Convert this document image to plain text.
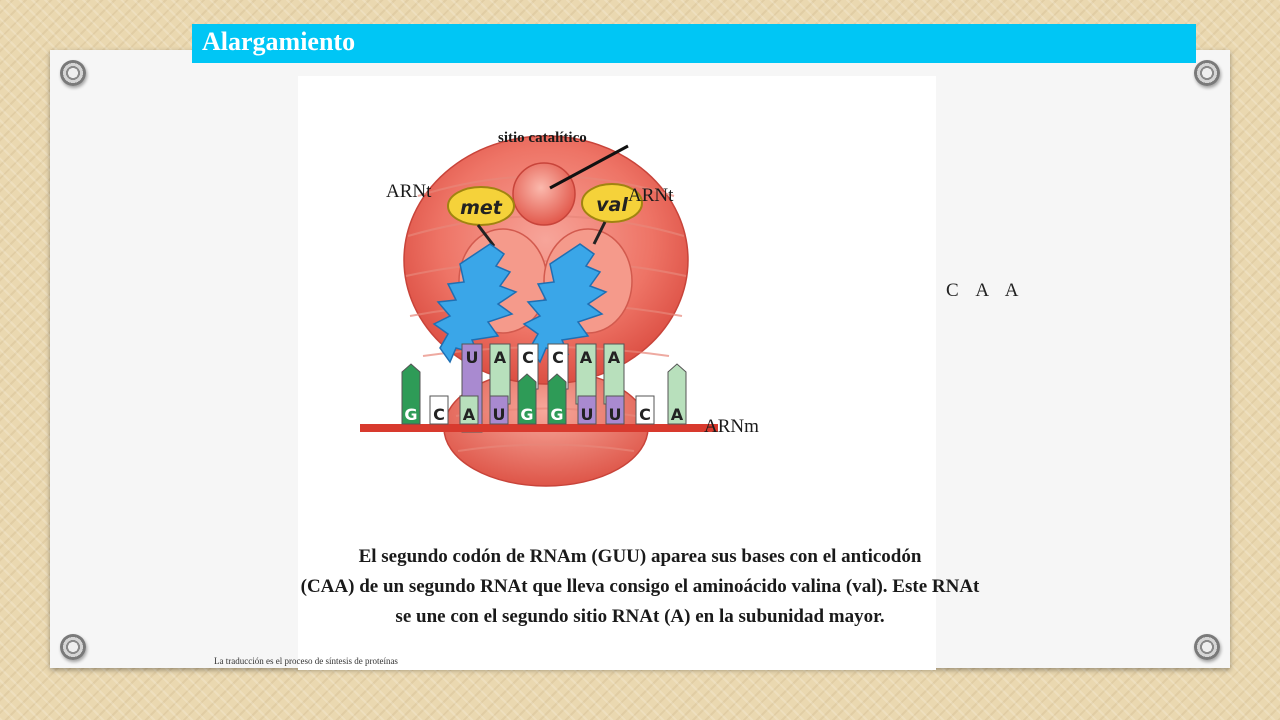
Alargamiento
met	val
U A C C A A
G C A U G G U U C A
sitio catalítico
ARNt	ARNt
ARNm
C A A
El segundo codón de RNAm (GUU) aparea sus bases con el anticodón
(CAA) de un segundo RNAt que lleva consigo el aminoácido valina (val). Este RNAt
se une con el segundo sitio RNAt (A) en la subunidad mayor.
La traducción es el proceso de síntesis de proteínas
